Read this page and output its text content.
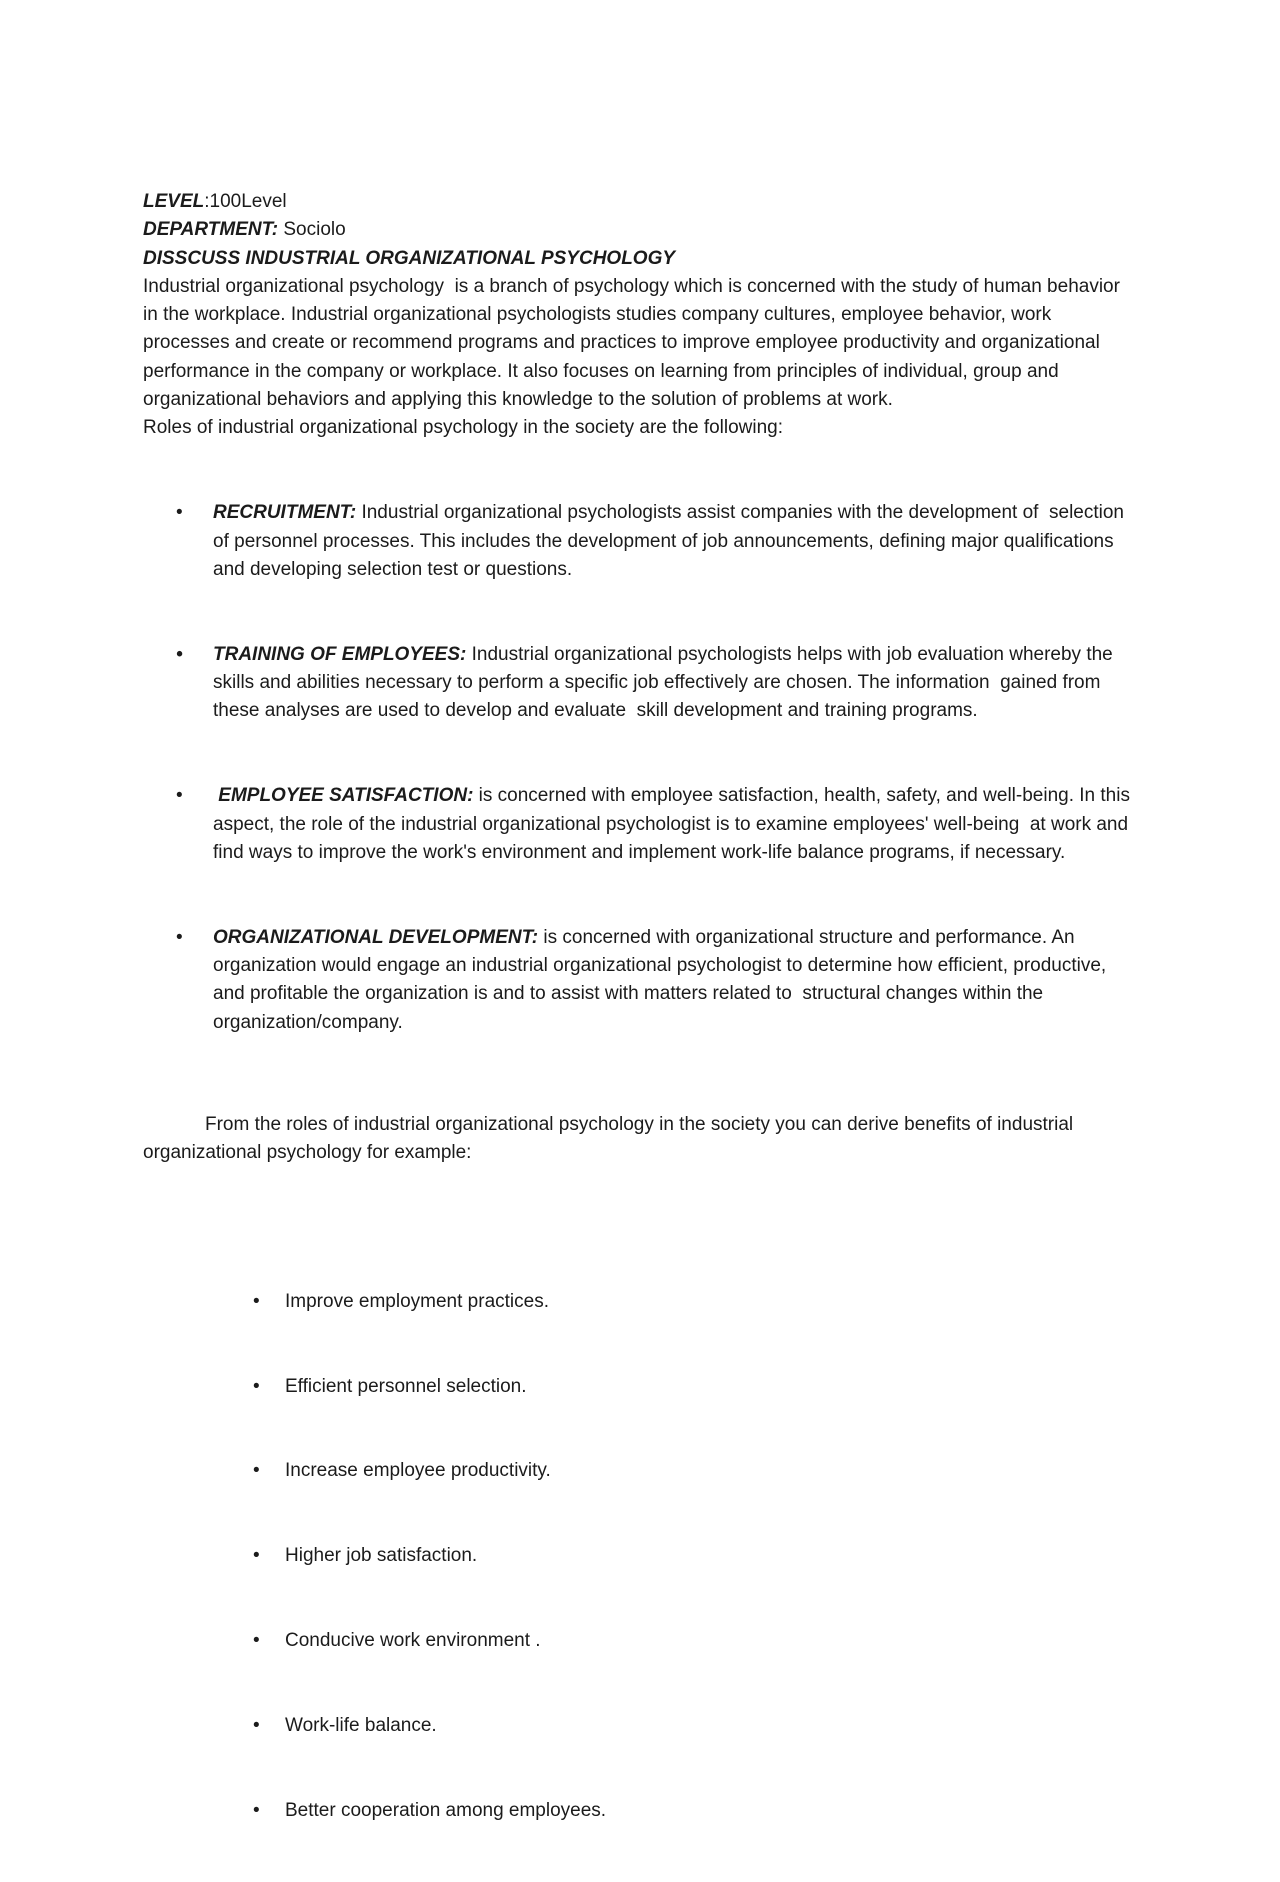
LEVEL:100Level

DEPARTMENT: Sociolo

DISSCUSS INDUSTRIAL ORGANIZATIONAL PSYCHOLOGY

Industrial organizational psychology  is a branch of psychology which is concerned with the study of human behavior in the workplace. Industrial organizational psychologists studies company cultures, employee behavior, work processes and create or recommend programs and practices to improve employee productivity and organizational performance in the company or workplace. It also focuses on learning from principles of individual, group and organizational behaviors and applying this knowledge to the solution of problems at work.

Roles of industrial organizational psychology in the society are the following:

• RECRUITMENT: Industrial organizational psychologists assist companies with the development of  selection of personnel processes. This includes the development of job announcements, defining major qualifications and developing selection test or questions.

• TRAINING OF EMPLOYEES: Industrial organizational psychologists helps with job evaluation whereby the skills and abilities necessary to perform a specific job effectively are chosen. The information  gained from these analyses are used to develop and evaluate  skill development and training programs.

• EMPLOYEE SATISFACTION: is concerned with employee satisfaction, health, safety, and well-being. In this aspect, the role of the industrial organizational psychologist is to examine employees' well-being  at work and find ways to improve the work's environment and implement work-life balance programs, if necessary.

• ORGANIZATIONAL DEVELOPMENT: is concerned with organizational structure and performance. An organization would engage an industrial organizational psychologist to determine how efficient, productive, and profitable the organization is and to assist with matters related to  structural changes within the organization/company.

From the roles of industrial organizational psychology in the society you can derive benefits of industrial organizational psychology for example:

• Improve employment practices.

• Efficient personnel selection.

• Increase employee productivity.

• Higher job satisfaction.

• Conducive work environment .

• Work-life balance.

• Better cooperation among employees.
